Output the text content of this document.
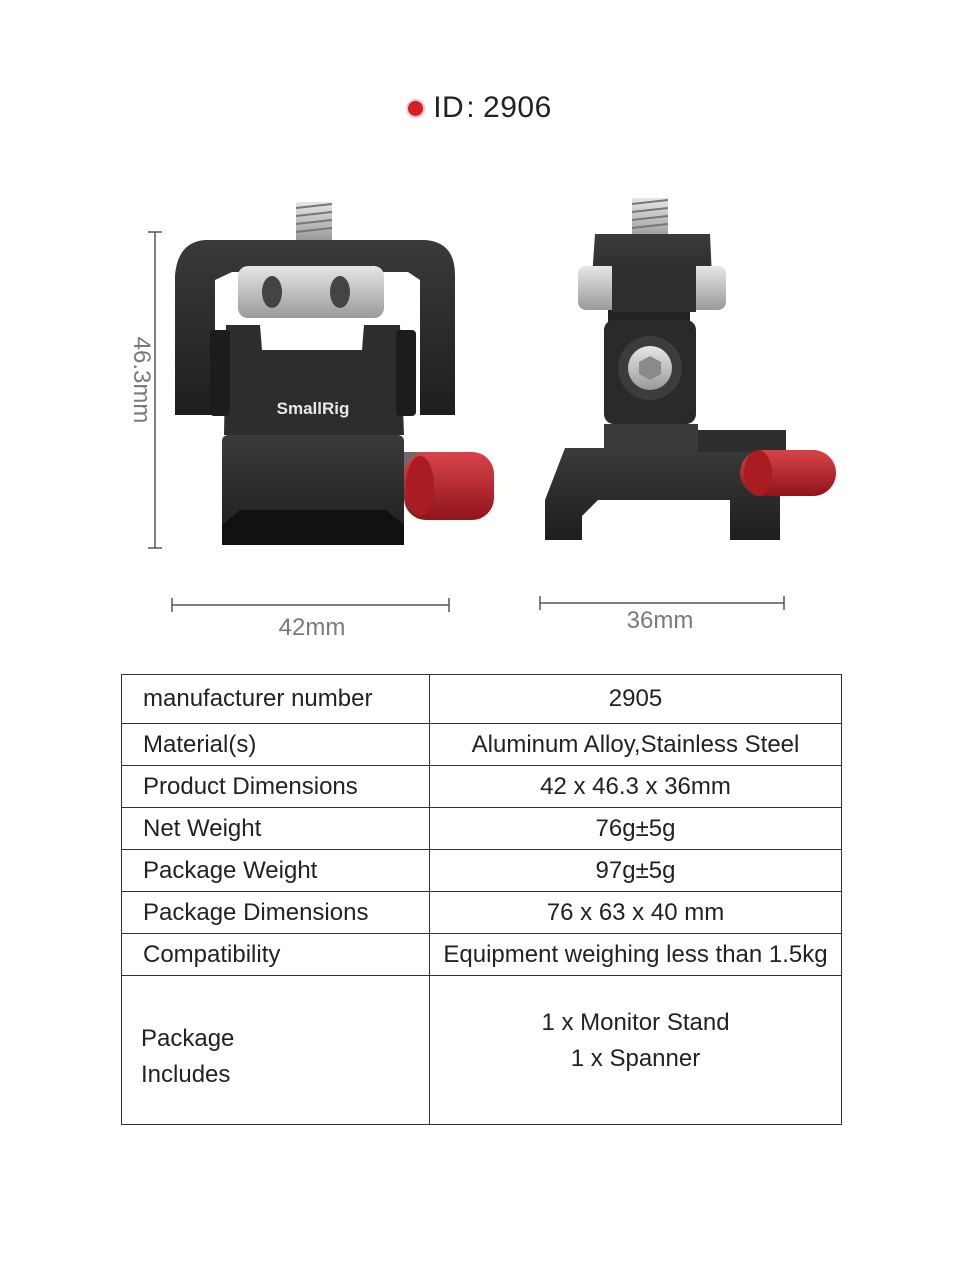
ID: 2906
SmallRig
46.3mm
42mm	36mm
manufacturer number	2905
Material(s)	Aluminum Alloy,Stainless Steel
Product Dimensions	42 x 46.3 x 36mm
Net Weight	76g±5g
Package Weight	97g±5g
Package Dimensions	76 x 63 x 40 mm
Compatibility	Equipment weighing less than 1.5kg

Package
Includes	1 x Monitor Stand
1 x Spanner
